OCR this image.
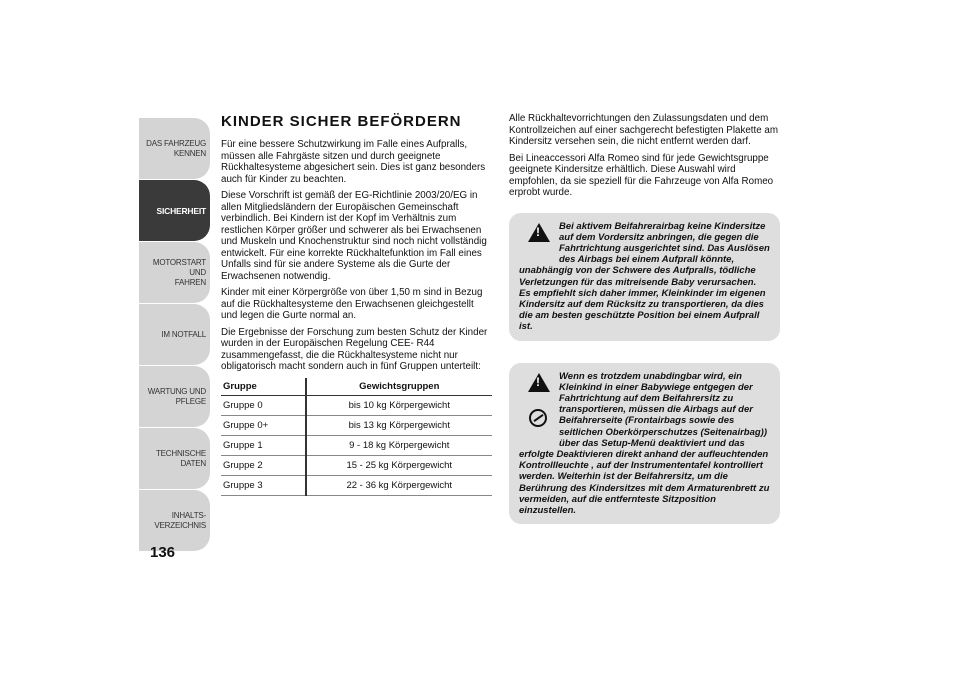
DAS FAHRZEUG
KENNEN
SICHERHEIT
MOTORSTART UND
FAHREN
IM NOTFALL
WARTUNG UND
PFLEGE
TECHNISCHE DATEN
INHALTS-
VERZEICHNIS
136
KINDER SICHER BEFÖRDERN

Für eine bessere Schutzwirkung im Falle eines Aufpralls, müssen alle Fahrgäste sitzen und durch geeignete Rückhaltesysteme abgesichert sein. Dies ist ganz besonders auch für Kinder zu beachten.

Diese Vorschrift ist gemäß der EG-Richtlinie 2003/20/EG in allen Mitgliedsländern der Europäischen Gemeinschaft verbindlich. Bei Kindern ist der Kopf im Verhältnis zum restlichen Körper größer und schwerer als bei Erwachsenen und Muskeln und Knochenstruktur sind noch nicht vollständig entwickelt. Für eine korrekte Rückhaltefunktion im Fall eines Unfalls sind für sie andere Systeme als die Gurte der Erwachsenen notwendig.

Kinder mit einer Körpergröße von über 1,50 m sind in Bezug auf die Rückhaltesysteme den Erwachsenen gleichgestellt und legen die Gurte normal an.

Die Ergebnisse der Forschung zum besten Schutz der Kinder wurden in der Europäischen Regelung CEE- R44 zusammengefasst, die die Rückhaltesysteme nicht nur obligatorisch macht sondern auch in fünf Gruppen unterteilt:

Gruppe	Gewichtsgruppen
Gruppe 0	bis 10 kg Körpergewicht
Gruppe 0+	bis 13 kg Körpergewicht
Gruppe 1	9 - 18 kg Körpergewicht
Gruppe 2	15 - 25 kg Körpergewicht
Gruppe 3	22 - 36 kg Körpergewicht

Alle Rückhaltevorrichtungen den Zulassungsdaten und dem Kontrollzeichen auf einer sachgerecht befestigten Plakette am Kindersitz versehen sein, die nicht entfernt werden darf.

Bei Lineaccessori Alfa Romeo sind für jede Gewichtsgruppe geeignete Kindersitze erhältlich. Diese Auswahl wird empfohlen, da sie speziell für die Fahrzeuge von Alfa Romeo erprobt wurde.

!
Bei aktivem Beifahrerairbag keine Kindersitze auf dem Vordersitz anbringen, die gegen die Fahrtrichtung ausgerichtet sind. Das Auslösen des Airbags bei einem Aufprall könnte, unabhängig von der Schwere des Aufpralls, tödliche Verletzungen für das mitreisende Baby verursachen. Es empfiehlt sich daher immer, Kleinkinder im eigenen Kindersitz auf dem Rücksitz zu transportieren, da dies die am besten geschützte Position bei einem Aufprall ist.
!
Wenn es trotzdem unabdingbar wird, ein Kleinkind in einer Babywiege entgegen der Fahrtrichtung auf dem Beifahrersitz zu transportieren, müssen die Airbags auf der Beifahrerseite (Frontairbags sowie des seitlichen Oberkörperschutzes (Seitenairbag)) über das Setup-Menü deaktiviert und das erfolgte Deaktivieren direkt anhand der aufleuchtenden Kontrollleuchte , auf der Instrumententafel kontrolliert werden. Weiterhin ist der Beifahrersitz, um die Berührung des Kindersitzes mit dem Armaturenbrett zu vermeiden, auf die entfernteste Sitzposition einzustellen.
